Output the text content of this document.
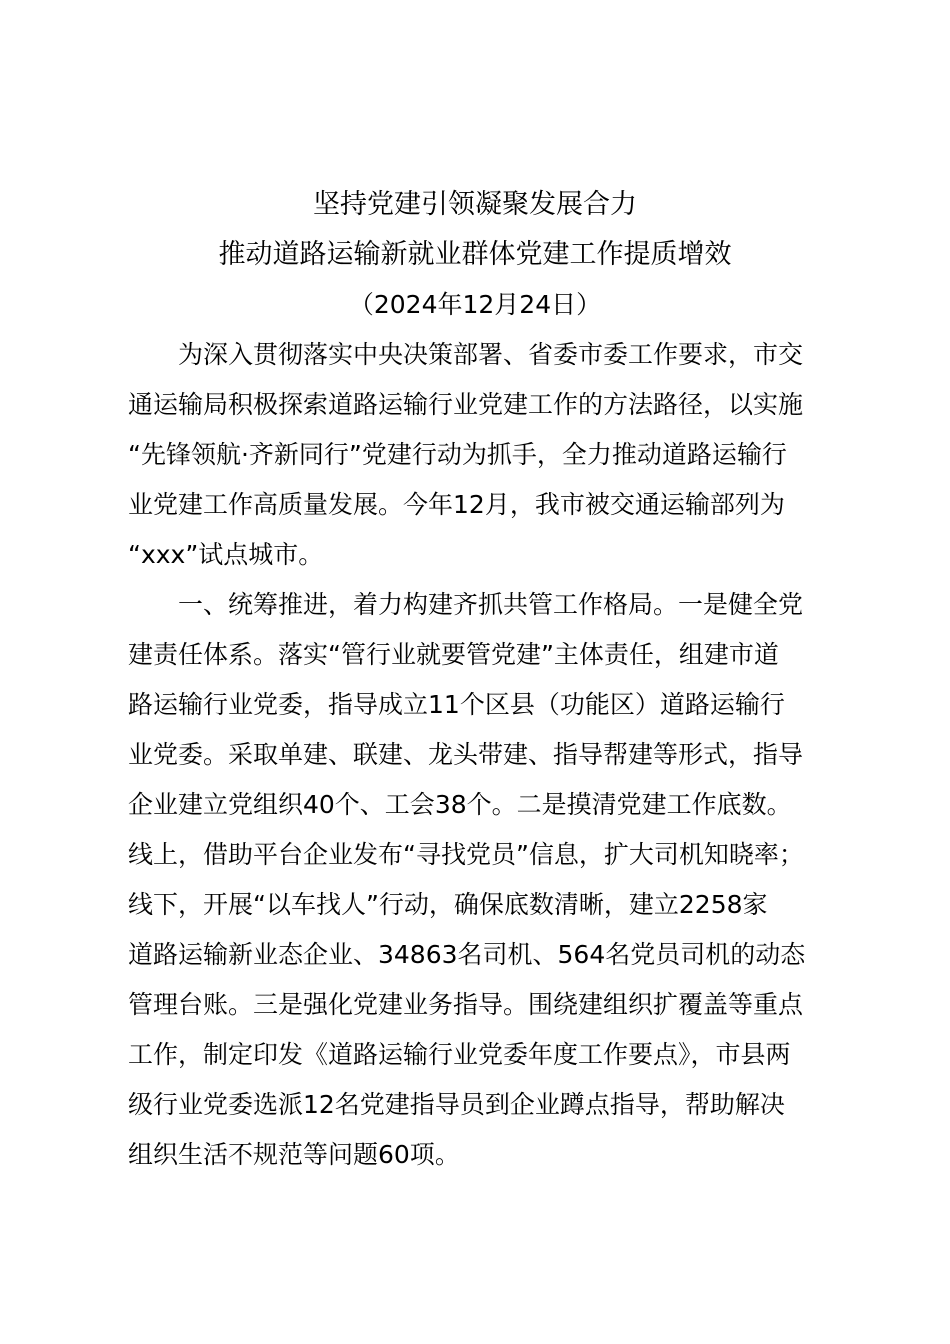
坚持党建引领凝聚发展合力
推动道路运输新就业群体党建工作提质增效
（2024年12月24日）
为深入贯彻落实中央决策部署、省委市委工作要求，市交
通运输局积极探索道路运输行业党建工作的方法路径，以实施
“先锋领航·齐新同行”党建行动为抓手，全力推动道路运输行
业党建工作高质量发展。今年12月，我市被交通运输部列为
“xxx”试点城市。
一、统筹推进，着力构建齐抓共管工作格局。一是健全党
建责任体系。落实“管行业就要管党建”主体责任，组建市道
路运输行业党委，指导成立11个区县（功能区）道路运输行
业党委。采取单建、联建、龙头带建、指导帮建等形式，指导
企业建立党组织40个、工会38个。二是摸清党建工作底数。
线上，借助平台企业发布“寻找党员”信息，扩大司机知晓率；
线下，开展“以车找人”行动，确保底数清晰，建立2258家
道路运输新业态企业、34863名司机、564名党员司机的动态
管理台账。三是强化党建业务指导。围绕建组织扩覆盖等重点
工作，制定印发《道路运输行业党委年度工作要点》，市县两
级行业党委选派12名党建指导员到企业蹲点指导，帮助解决
组织生活不规范等问题60项。
